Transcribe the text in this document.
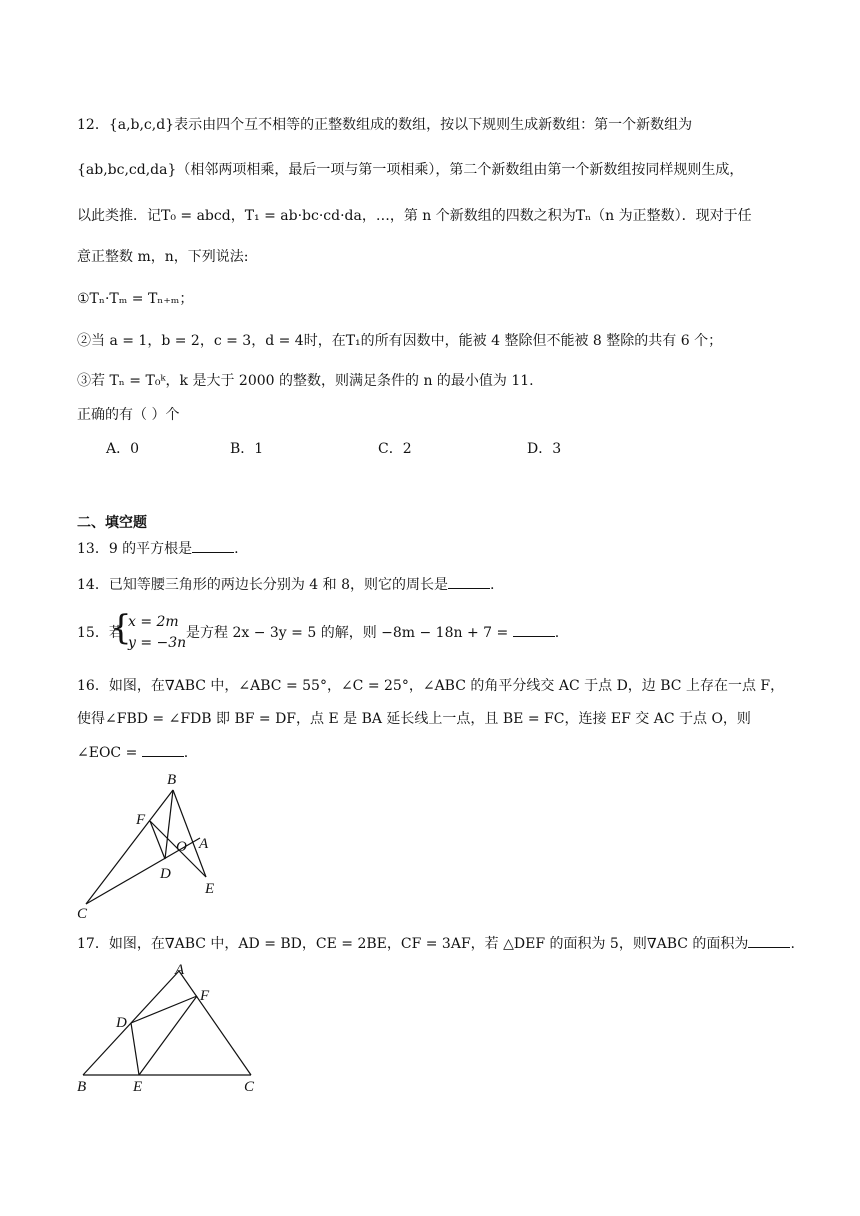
12．{a,b,c,d}表示由四个互不相等的正整数组成的数组，按以下规则生成新数组：第一个新数组为
{ab,bc,cd,da}（相邻两项相乘，最后一项与第一项相乘），第二个新数组由第一个新数组按同样规则生成，
以此类推．记T₀ = abcd，T₁ = ab·bc·cd·da，…，第 n 个新数组的四数之积为Tₙ（n 为正整数）．现对于任
意正整数 m，n，下列说法:
①Tₙ·Tₘ = Tₙ₊ₘ；
②当 a = 1，b = 2，c = 3，d = 4时，在T₁的所有因数中，能被 4 整除但不能被 8 整除的共有 6 个；
③若 Tₙ = T₀ᵏ，k 是大于 2000 的整数，则满足条件的 n 的最小值为 11.
正确的有（ ）个
A．0	B．1	C．2	D．3
二、填空题
13．9 的平方根是	.
14．已知等腰三角形的两边长分别为 4 和 8，则它的周长是	.
15．若
{
x = 2m
y = −3n
是方程 2x − 3y = 5 的解，则 −8m − 18n + 7 =	.
16．如图，在∇ABC 中，∠ABC = 55°，∠C = 25°，∠ABC 的角平分线交 AC 于点 D，边 BC 上存在一点 F，
使得∠FBD = ∠FDB 即 BF = DF，点 E 是 BA 延长线上一点，且 BE = FC，连接 EF 交 AC 于点 O，则
∠EOC =	.
B
F
O A
D
E
C
A
F
D
B	E	C
17．如图，在∇ABC 中，AD = BD，CE = 2BE，CF = 3AF，若 △DEF 的面积为 5，则∇ABC 的面积为	.
